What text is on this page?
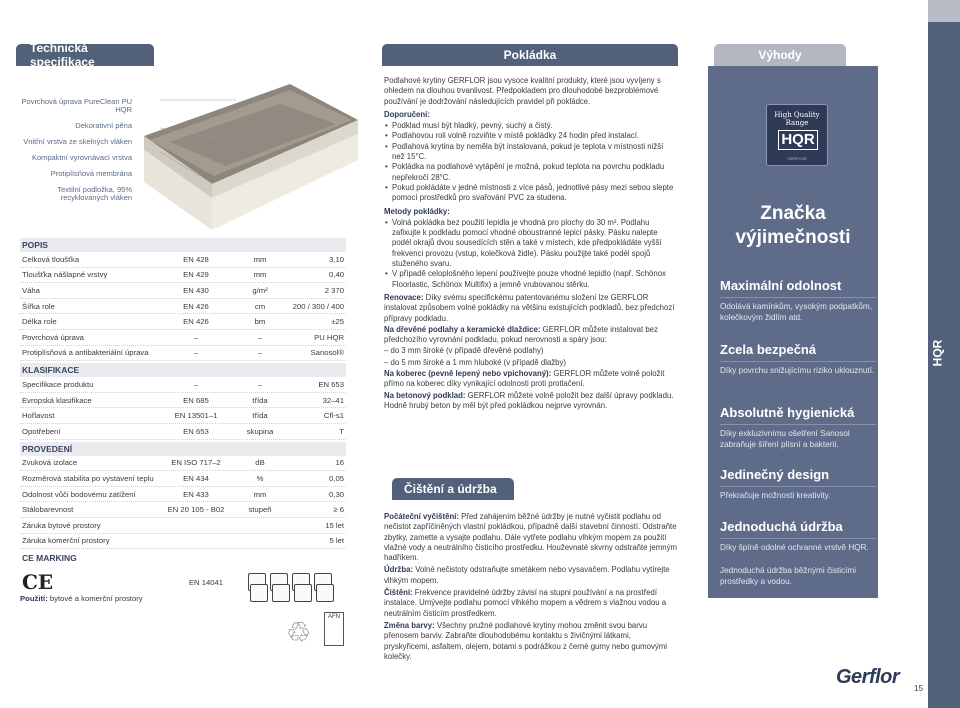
Technická specifikace	Pokládka	Výhody
HQR
Povrchová úprava PureClean PU HQR
Dekorativní pěna
Vnitřní vrstva ze skelných vláken
Kompaktní vyrovnávací vrstva
Protiplísňová membrána
Textilní podložka, 95% recyklovaných vláken
POPIS
Celková tloušťka	EN 428	mm	3,10
Tloušťka nášlapné vrstvy	EN 429	mm	0,40
Váha	EN 430	g/m²	2 370
Šířka role	EN 426	cm	200 / 300 / 400
Délka role	EN 426	bm	±25
Povrchová úprava	–	–	PU HQR
Protiplísňová a antibakteriální úprava	–	–	Sanosol®
KLASIFIKACE
Specifikace produktu	–	–	EN 653
Evropská klasifikace	EN 685	třída	32–41
Hořlavost	EN 13501–1	třída	Cfl-s1
Opotřebení	EN 653	skupina	T
PROVEDENÍ
Zvuková izolace	EN ISO 717–2	dB	16
Rozměrová stabilita po vystavení teplu	EN 434	%	0,05
Odolnost vůči bodovému zatížení	EN 433	mm	0,30
Stálobarevnost	EN 20 105 - B02	stupeň	≥ 6
Záruka bytové prostory	15 let
Záruka komerční prostory	5 let
CE MARKING
CE	EN 14041
Použití: bytové a komerční prostory
♲	AFN

Podlahové krytiny GERFLOR jsou vysoce kvalitní produkty, které jsou vyvíjeny s ohledem na dlouhou trvanlivost. Předpokladem pro dlouhodobé bezproblémové používání je dodržování následujících pravidel při pokládce.

Doporučení:

• Podklad musí být hladký, pevný, suchý a čistý.
• Podlahovou roli volně rozviňte v místě pokládky 24 hodin před instalací.
• Podlahová krytina by neměla být instalovaná, pokud je teplota v místnosti nižší než 15°C.
• Pokládka na podlahové vytápění je možná, pokud teplota na povrchu podkladu nepřekročí 28°C.
• Pokud pokládáte v jedné místnosti z více pásů, jednotlivé pásy mezi sebou slepte pomocí prostředků pro svařování PVC za studena.

Metody pokládky:

• Volná pokládka bez použití lepidla je vhodná pro plochy do 30 m². Podlahu zafixujte k podkladu pomocí vhodné oboustranné lepicí pásky. Pásku nalepte podél okrajů dvou sousedících stěn a také v místech, kde předpokládáte vyšší frekvenci provozu (vstup, kolečková židle). Pásku použijte také podél spojů stuženého svaru.
• V případě celoplošného lepení používejte pouze vhodné lepidlo (např. Schönox Floorlastic, Schönox Multifix) a jemně vrubovanou stěrku.

Renovace: Díky svému specifickému patentovanému složení lze GERFLOR instalovat způsobem volné pokládky na většinu existujících podkladů, bez předchozí přípravy podkladu.

Na dřevěné podlahy a keramické dlaždice: GERFLOR můžete instalovat bez předchozího vyrovnání podkladu, pokud nerovnosti a spáry jsou:

– do 3 mm široké (v případě dřevěné podlahy)

– do 5 mm široké a 1 mm hluboké (v případě dlažby)

Na koberec (pevně lepený nebo vpichovaný): GERFLOR můžete volně položit přímo na koberec díky vynikající odolnosti proti protlačení.

Na betonový podklad: GERFLOR můžete volně položit bez další úpravy podkladu. Hodně hrubý beton by měl být před pokládkou nejprve vyrovnán.

Čištění a údržba

Počáteční vyčištění: Před zahájením běžné údržby je nutné vyčistit podlahu od nečistot zapříčiněných vlastní pokládkou, případně další stavební činností. Odstraňte zbytky, zamette a vysajte podlahu. Dále vytřete podlahu vlhkým mopem za použití vlažné vody a neutrálního čisticího prostředku. Houževnaté skvrny odstraňte jemným hadříkem.

Údržba: Volné nečistoty odstraňujte smetákem nebo vysavačem. Podlahu vytírejte vlhkým mopem.

Čištění: Frekvence pravidelné údržby závisí na stupni používání a na prostředí instalace. Umývejte podlahu pomocí vlhkého mopem a vědrem s vlažnou vodou a neutrálním čisticím prostředkem.

Změna barvy: Všechny pružné podlahové krytiny mohou změnit svou barvu přenosem barviv. Zabraňte dlouhodobému kontaktu s živičnými látkami, pryskyřicemi, asfaltem, olejem, botami s podrážkou z černé gumy nebo gumovými kolečky.

High Quality Range
HQR
GERFLOR
Značka výjimečnosti
Maximální odolnost
Odolává kamínkům, vysokým podpatkům, kolečkovým židlím atd.
Zcela bezpečná
Díky povrchu snižujícímu riziko uklouznutí.
Absolutně hygienická
Díky exkluzivnímu ošetření Sanosol zabraňuje šíření plísní a bakterií.
Jedinečný design
Překračuje možnosti kreativity.
Jednoduchá údržba
Díky špíně odolné ochranné vrstvě HQR.
Jednoduchá údržba běžnými čisticími prostředky a vodou.
Gerflor
15
